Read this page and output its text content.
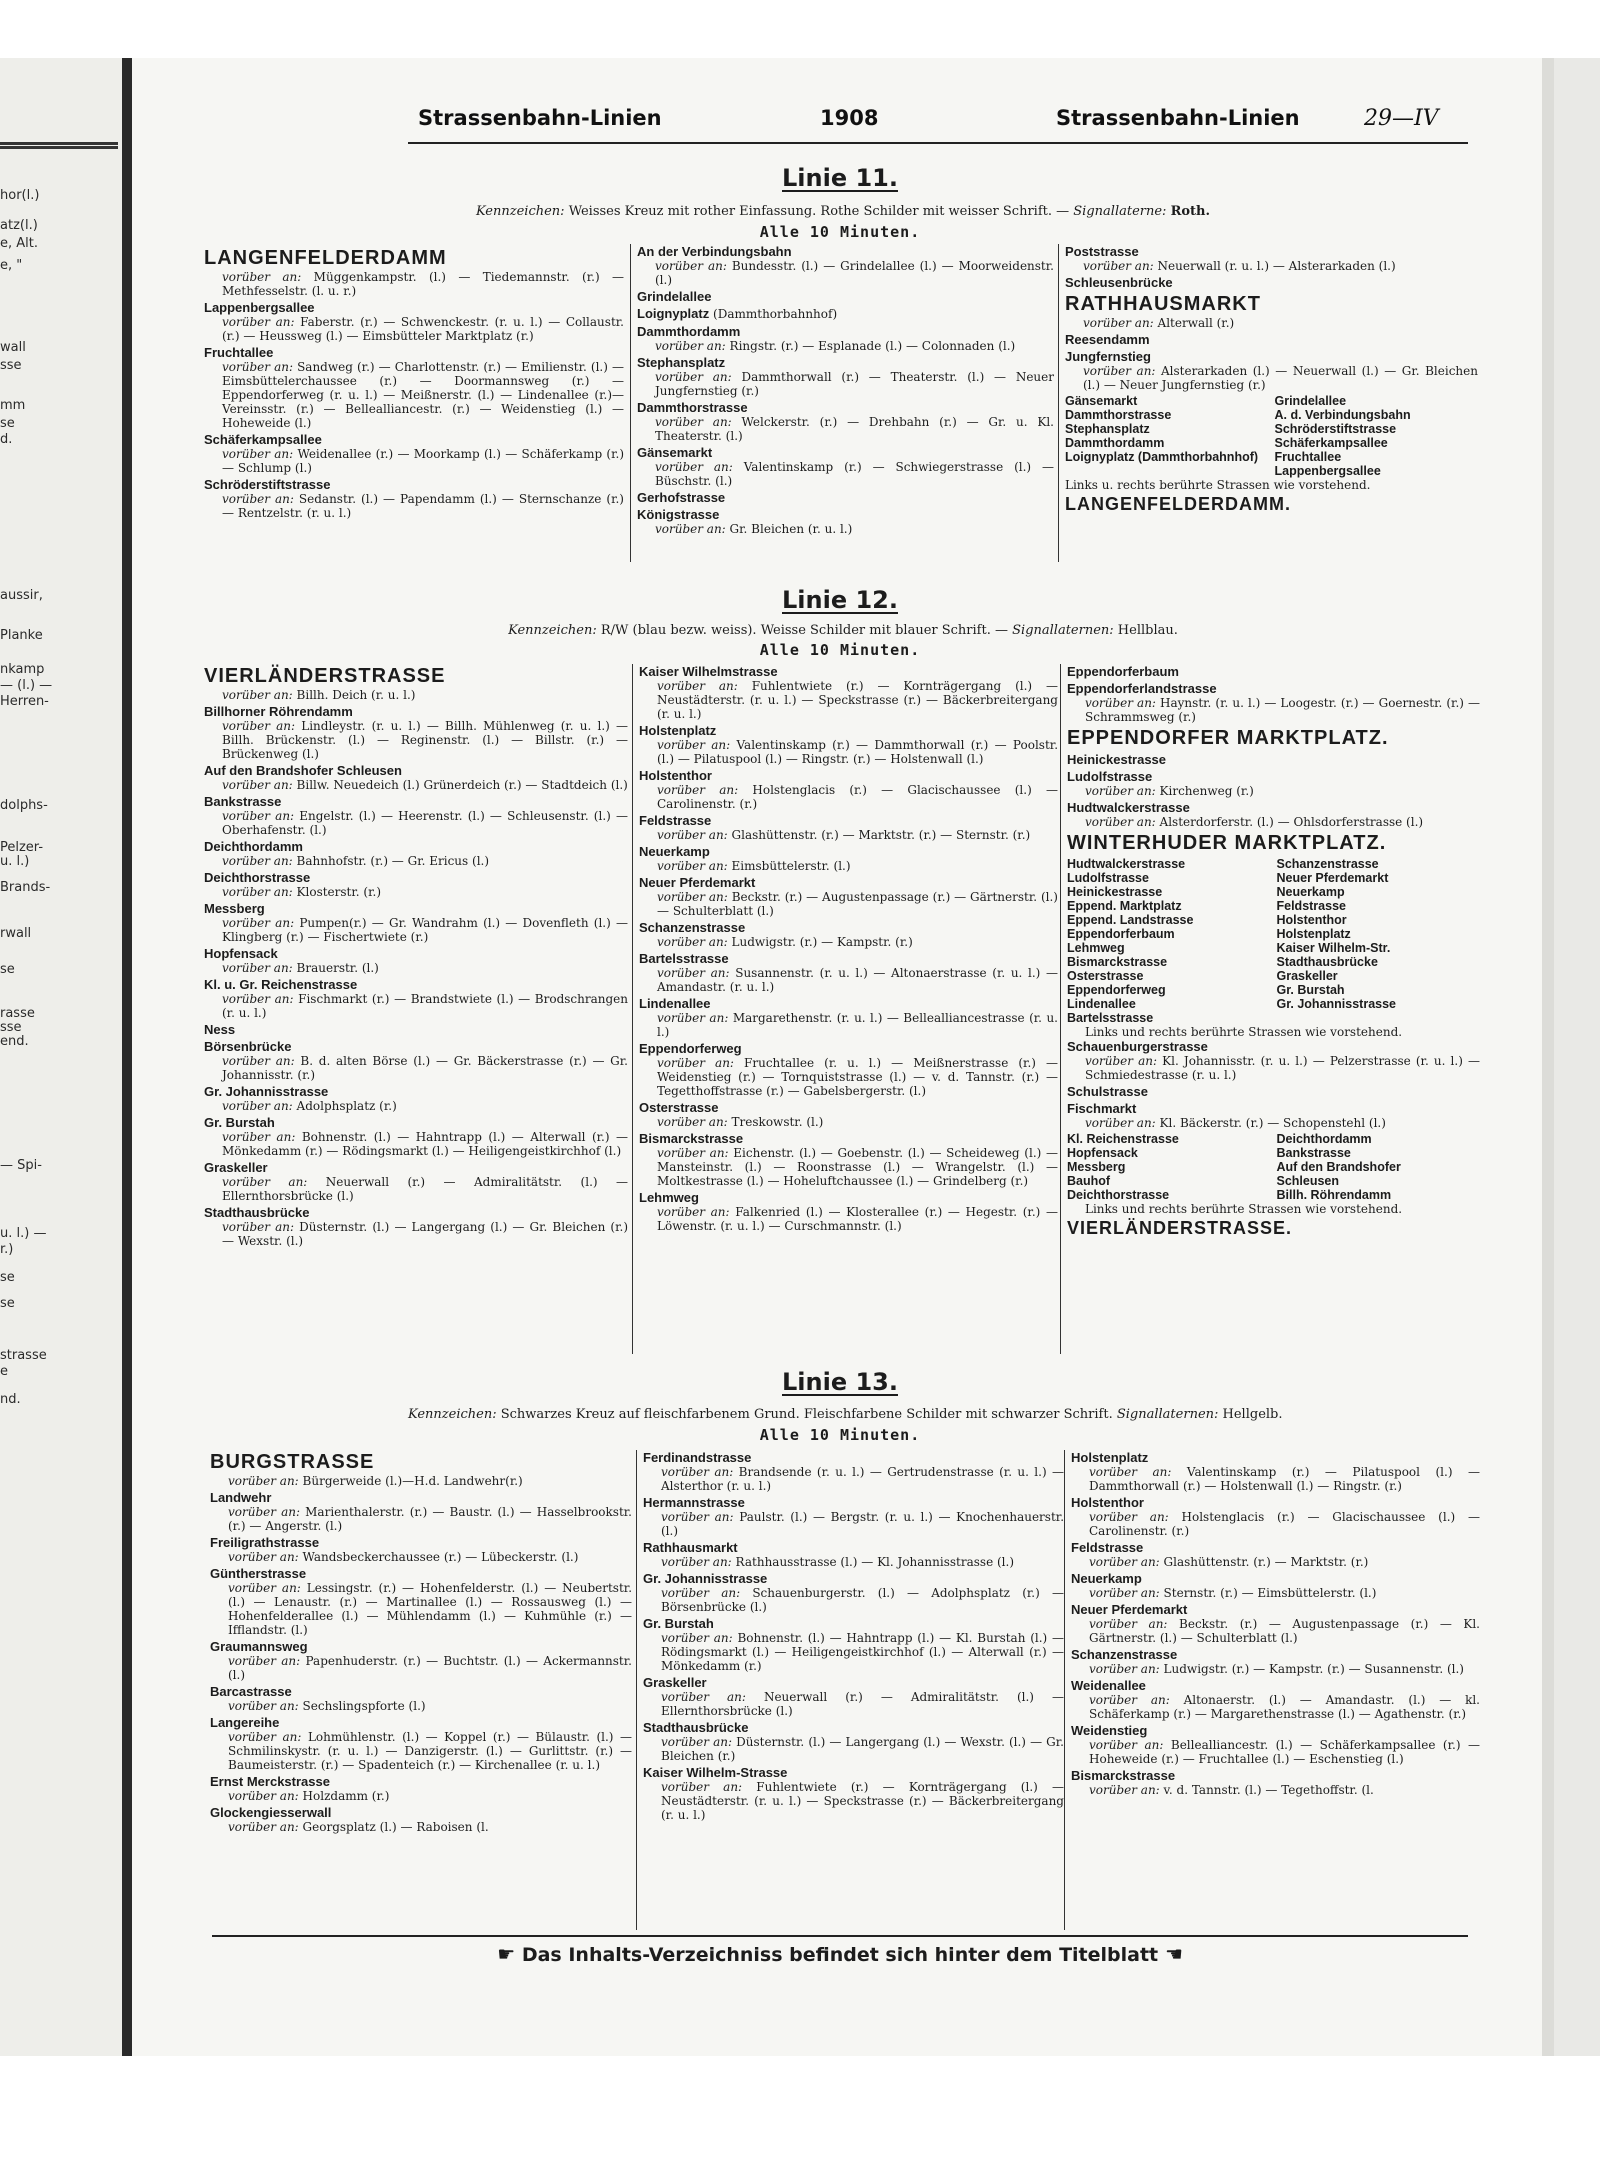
hor(l.)
atz(l.)
e, Alt.
e, "
wall
sse
mm
se
d.
aussir,
Planke
nkamp
— (l.) —
Herren-
dolphs-
Pelzer-
u. l.)
Brands-
rwall
se
rasse
sse
end.
— Spi-
u. l.) —
r.)
se
se
strasse
e
nd.
Strassenbahn-Linien	1908	Strassenbahn-Linien	29—IV
Linie 11.
Kennzeichen: Weisses Kreuz mit rother Einfassung. Rothe Schilder mit weisser Schrift. — Signallaterne: Roth.
Alle 10 Minuten.
LANGENFELDERDAMM
vorüber an: Müggenkampstr. (l.) — Tiedemannstr. (r.) — Methfesselstr. (l. u. r.)
Lappenbergsallee
vorüber an: Faberstr. (r.) — Schwenckestr. (r. u. l.) — Collaustr. (r.) — Heussweg (l.) — Eimsbütteler Marktplatz (r.)
Fruchtallee
vorüber an: Sandweg (r.) — Charlottenstr. (r.) — Emilienstr. (l.) — Eimsbüttelerchaussee (r.) — Doormannsweg (r.) — Eppendorferweg (r. u. l.) — Meißnerstr. (l.) — Lindenallee (r.)—Vereinsstr. (r.) — Bellealliancestr. (r.) — Weidenstieg (l.) — Hoheweide (l.)
Schäferkampsallee
vorüber an: Weidenallee (r.) — Moorkamp (l.) — Schäferkamp (r.) — Schlump (l.)
Schröderstiftstrasse
vorüber an: Sedanstr. (l.) — Papendamm (l.) — Sternschanze (r.) — Rentzelstr. (r. u. l.)
An der Verbindungsbahn
vorüber an: Bundesstr. (l.) — Grindelallee (l.) — Moorweidenstr. (l.)
Grindelallee
Loignyplatz (Dammthorbahnhof)
Dammthordamm
vorüber an: Ringstr. (r.) — Esplanade (l.) — Colonnaden (l.)
Stephansplatz
vorüber an: Dammthorwall (r.) — Theaterstr. (l.) — Neuer Jungfernstieg (r.)
Dammthorstrasse
vorüber an: Welckerstr. (r.) — Drehbahn (r.) — Gr. u. Kl. Theaterstr. (l.)
Gänsemarkt
vorüber an: Valentinskamp (r.) — Schwiegerstrasse (l.) — Büschstr. (l.)
Gerhofstrasse
Königstrasse
vorüber an: Gr. Bleichen (r. u. l.)
Poststrasse
vorüber an: Neuerwall (r. u. l.) — Alsterarkaden (l.)
Schleusenbrücke
RATHHAUSMARKT
vorüber an: Alterwall (r.)
Reesendamm
Jungfernstieg
vorüber an: Alsterarkaden (l.) — Neuerwall (l.) — Gr. Bleichen (l.) — Neuer Jungfernstieg (r.)
Gänsemarkt	Grindelallee
Dammthorstrasse	A. d. Verbindungsbahn
Stephansplatz	Schröderstiftstrasse
Dammthordamm	Schäferkampsallee
Loignyplatz (Dammthorbahnhof)	Fruchtallee
Lappenbergsallee
Links u. rechts berührte Strassen wie vorstehend.
LANGENFELDERDAMM.
Linie 12.
Kennzeichen: R/W (blau bezw. weiss). Weisse Schilder mit blauer Schrift. — Signallaternen: Hellblau.
Alle 10 Minuten.
VIERLÄNDERSTRASSE
vorüber an: Billh. Deich (r. u. l.)
Billhorner Röhrendamm
vorüber an: Lindleystr. (r. u. l.) — Billh. Mühlenweg (r. u. l.) — Billh. Brückenstr. (l.) — Reginenstr. (l.) — Billstr. (r.) — Brückenweg (l.)
Auf den Brandshofer Schleusen
vorüber an: Billw. Neuedeich (l.) Grünerdeich (r.) — Stadtdeich (l.)
Bankstrasse
vorüber an: Engelstr. (l.) — Heerenstr. (l.) — Schleusenstr. (l.) — Oberhafenstr. (l.)
Deichthordamm
vorüber an: Bahnhofstr. (r.) — Gr. Ericus (l.)
Deichthorstrasse
vorüber an: Klosterstr. (r.)
Messberg
vorüber an: Pumpen(r.) — Gr. Wandrahm (l.) — Dovenfleth (l.) — Klingberg (r.) — Fischertwiete (r.)
Hopfensack
vorüber an: Brauerstr. (l.)
Kl. u. Gr. Reichenstrasse
vorüber an: Fischmarkt (r.) — Brandstwiete (l.) — Brodschrangen (r. u. l.)
Ness
Börsenbrücke
vorüber an: B. d. alten Börse (l.) — Gr. Bäckerstrasse (r.) — Gr. Johannisstr. (r.)
Gr. Johannisstrasse
vorüber an: Adolphsplatz (r.)
Gr. Burstah
vorüber an: Bohnenstr. (l.) — Hahntrapp (l.) — Alterwall (r.) — Mönkedamm (r.) — Rödingsmarkt (l.) — Heiligengeistkirchhof (l.)
Graskeller
vorüber an: Neuerwall (r.) — Admiralitätstr. (l.) — Ellernthorsbrücke (l.)
Stadthausbrücke
vorüber an: Düsternstr. (l.) — Langergang (l.) — Gr. Bleichen (r.) — Wexstr. (l.)
Kaiser Wilhelmstrasse
vorüber an: Fuhlentwiete (r.) — Kornträgergang (l.) — Neustädterstr. (r. u. l.) — Speckstrasse (r.) — Bäckerbreitergang (r. u. l.)
Holstenplatz
vorüber an: Valentinskamp (r.) — Dammthorwall (r.) — Poolstr. (l.) — Pilatuspool (l.) — Ringstr. (r.) — Holstenwall (l.)
Holstenthor
vorüber an: Holstenglacis (r.) — Glacischaussee (l.) — Carolinenstr. (r.)
Feldstrasse
vorüber an: Glashüttenstr. (r.) — Marktstr. (r.) — Sternstr. (r.)
Neuerkamp
vorüber an: Eimsbüttelerstr. (l.)
Neuer Pferdemarkt
vorüber an: Beckstr. (r.) — Augustenpassage (r.) — Gärtnerstr. (l.) — Schulterblatt (l.)
Schanzenstrasse
vorüber an: Ludwigstr. (r.) — Kampstr. (r.)
Bartelsstrasse
vorüber an: Susannenstr. (r. u. l.) — Altonaerstrasse (r. u. l.) — Amandastr. (r. u. l.)
Lindenallee
vorüber an: Margarethenstr. (r. u. l.) — Bellealliancestrasse (r. u. l.)
Eppendorferweg
vorüber an: Fruchtallee (r. u. l.) — Meißnerstrasse (r.) — Weidenstieg (r.) — Tornquiststrasse (l.) — v. d. Tannstr. (r.) — Tegetthoffstrasse (r.) — Gabelsbergerstr. (l.)
Osterstrasse
vorüber an: Treskowstr. (l.)
Bismarckstrasse
vorüber an: Eichenstr. (l.) — Goebenstr. (l.) — Scheideweg (l.) — Mansteinstr. (l.) — Roonstrasse (l.) — Wrangelstr. (l.) — Moltkestrasse (l.) — Hoheluftchaussee (l.) — Grindelberg (r.)
Lehmweg
vorüber an: Falkenried (l.) — Klosterallee (r.) — Hegestr. (r.) — Löwenstr. (r. u. l.) — Curschmannstr. (l.)
Eppendorferbaum
Eppendorferlandstrasse
vorüber an: Haynstr. (r. u. l.) — Loogestr. (r.) — Goernestr. (r.) — Schrammsweg (r.)
EPPENDORFER MARKTPLATZ.
Heinickestrasse
Ludolfstrasse
vorüber an: Kirchenweg (r.)
Hudtwalckerstrasse
vorüber an: Alsterdorferstr. (l.) — Ohlsdorferstrasse (l.)
WINTERHUDER MARKTPLATZ.
Hudtwalckerstrasse	Schanzenstrasse
Ludolfstrasse	Neuer Pferdemarkt
Heinickestrasse	Neuerkamp
Eppend. Marktplatz	Feldstrasse
Eppend. Landstrasse	Holstenthor
Eppendorferbaum	Holstenplatz
Lehmweg	Kaiser Wilhelm-Str.
Bismarckstrasse	Stadthausbrücke
Osterstrasse	Graskeller
Eppendorferweg	Gr. Burstah
Lindenallee	Gr. Johannisstrasse
Bartelsstrasse
Links und rechts berührte Strassen wie vorstehend.
Schauenburgerstrasse
vorüber an: Kl. Johannisstr. (r. u. l.) — Pelzerstrasse (r. u. l.) — Schmiedestrasse (r. u. l.)
Schulstrasse
Fischmarkt
vorüber an: Kl. Bäckerstr. (r.) — Schopenstehl (l.)
Kl. Reichenstrasse	Deichthordamm
Hopfensack	Bankstrasse
Messberg	Auf den Brandshofer
Bauhof	Schleusen
Deichthorstrasse	Billh. Röhrendamm
Links und rechts berührte Strassen wie vorstehend.
VIERLÄNDERSTRASSE.
Linie 13.
Kennzeichen: Schwarzes Kreuz auf fleischfarbenem Grund. Fleischfarbene Schilder mit schwarzer Schrift. Signallaternen: Hellgelb.
Alle 10 Minuten.
BURGSTRASSE
vorüber an: Bürgerweide (l.)—H.d. Landwehr(r.)
Landwehr
vorüber an: Marienthalerstr. (r.) — Baustr. (l.) — Hasselbrookstr. (r.) — Angerstr. (l.)
Freiligrathstrasse
vorüber an: Wandsbeckerchaussee (r.) — Lübeckerstr. (l.)
Güntherstrasse
vorüber an: Lessingstr. (r.) — Hohenfelderstr. (l.) — Neubertstr. (l.) — Lenaustr. (r.) — Martinallee (l.) — Rossausweg (l.) — Hohenfelderallee (l.) — Mühlendamm (l.) — Kuhmühle (r.) — Ifflandstr. (l.)
Graumannsweg
vorüber an: Papenhuderstr. (r.) — Buchtstr. (l.) — Ackermannstr. (l.)
Barcastrasse
vorüber an: Sechslingspforte (l.)
Langereihe
vorüber an: Lohmühlenstr. (l.) — Koppel (r.) — Bülaustr. (l.) — Schmilinskystr. (r. u. l.) — Danzigerstr. (l.) — Gurlittstr. (r.) — Baumeisterstr. (r.) — Spadenteich (r.) — Kirchenallee (r. u. l.)
Ernst Merckstrasse
vorüber an: Holzdamm (r.)
Glockengiesserwall
vorüber an: Georgsplatz (l.) — Raboisen (l.
Ferdinandstrasse
vorüber an: Brandsende (r. u. l.) — Gertrudenstrasse (r. u. l.) — Alsterthor (r. u. l.)
Hermannstrasse
vorüber an: Paulstr. (l.) — Bergstr. (r. u. l.) — Knochenhauerstr. (l.)
Rathhausmarkt
vorüber an: Rathhausstrasse (l.) — Kl. Johannisstrasse (l.)
Gr. Johannisstrasse
vorüber an: Schauenburgerstr. (l.) — Adolphsplatz (r.) — Börsenbrücke (l.)
Gr. Burstah
vorüber an: Bohnenstr. (l.) — Hahntrapp (l.) — Kl. Burstah (l.) — Rödingsmarkt (l.) — Heiligengeistkirchhof (l.) — Alterwall (r.) — Mönkedamm (r.)
Graskeller
vorüber an: Neuerwall (r.) — Admiralitätstr. (l.) — Ellernthorsbrücke (l.)
Stadthausbrücke
vorüber an: Düsternstr. (l.) — Langergang (l.) — Wexstr. (l.) — Gr. Bleichen (r.)
Kaiser Wilhelm-Strasse
vorüber an: Fuhlentwiete (r.) — Kornträgergang (l.) — Neustädterstr. (r. u. l.) — Speckstrasse (r.) — Bäckerbreitergang (r. u. l.)
Holstenplatz
vorüber an: Valentinskamp (r.) — Pilatuspool (l.) — Dammthorwall (r.) — Holstenwall (l.) — Ringstr. (r.)
Holstenthor
vorüber an: Holstenglacis (r.) — Glacischaussee (l.) — Carolinenstr. (r.)
Feldstrasse
vorüber an: Glashüttenstr. (r.) — Marktstr. (r.)
Neuerkamp
vorüber an: Sternstr. (r.) — Eimsbüttelerstr. (l.)
Neuer Pferdemarkt
vorüber an: Beckstr. (r.) — Augustenpassage (r.) — Kl. Gärtnerstr. (l.) — Schulterblatt (l.)
Schanzenstrasse
vorüber an: Ludwigstr. (r.) — Kampstr. (r.) — Susannenstr. (l.)
Weidenallee
vorüber an: Altonaerstr. (l.) — Amandastr. (l.) — kl. Schäferkamp (r.) — Margarethenstrasse (l.) — Agathenstr. (r.)
Weidenstieg
vorüber an: Bellealliancestr. (l.) — Schäferkampsallee (r.) — Hoheweide (r.) — Fruchtallee (l.) — Eschenstieg (l.)
Bismarckstrasse
vorüber an: v. d. Tannstr. (l.) — Tegethoffstr. (l.
☛ Das Inhalts-Verzeichniss befindet sich hinter dem Titelblatt ☛
